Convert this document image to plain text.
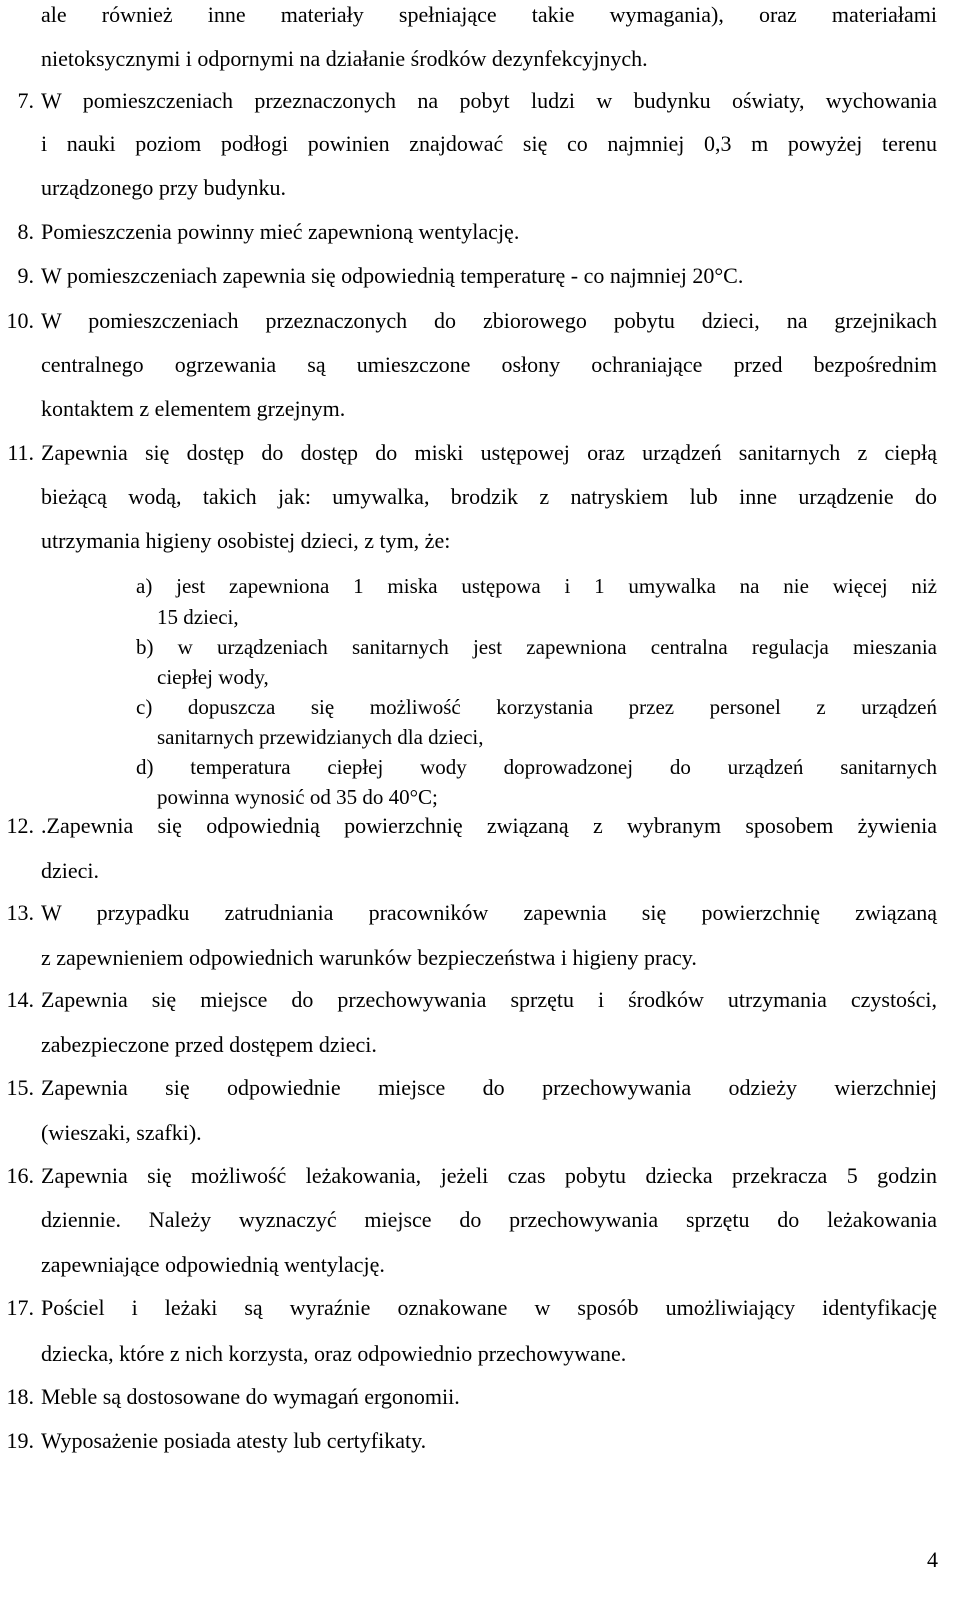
ale również inne materiały spełniające takie wymagania), oraz materiałami
nietoksycznymi i odpornymi na działanie środków dezynfekcyjnych.
7. W pomieszczeniach przeznaczonych na pobyt ludzi w budynku oświaty, wychowania
i nauki poziom podłogi powinien znajdować się co najmniej 0,3 m powyżej terenu
urządzonego przy budynku.
8. Pomieszczenia powinny mieć zapewnioną wentylację.
9. W pomieszczeniach zapewnia się odpowiednią temperaturę - co najmniej 20°C.
10. W pomieszczeniach przeznaczonych do zbiorowego pobytu dzieci, na grzejnikach
centralnego ogrzewania są umieszczone osłony ochraniające przed bezpośrednim
kontaktem z elementem grzejnym.
11. Zapewnia się dostęp do dostęp do miski ustępowej oraz urządzeń sanitarnych z ciepłą
bieżącą wodą, takich jak: umywalka, brodzik z natryskiem lub inne urządzenie do
utrzymania higieny osobistej dzieci, z tym, że:
a) jest zapewniona 1 miska ustępowa i 1 umywalka na nie więcej niż
15 dzieci,
b) w urządzeniach sanitarnych jest zapewniona centralna regulacja mieszania
ciepłej wody,
c) dopuszcza się możliwość korzystania przez personel z urządzeń
sanitarnych przewidzianych dla dzieci,
d) temperatura ciepłej wody doprowadzonej do urządzeń sanitarnych
powinna wynosić od 35 do 40°C;
12. .Zapewnia się odpowiednią powierzchnię związaną z wybranym sposobem żywienia
dzieci.
13. W przypadku zatrudniania pracowników zapewnia się powierzchnię związaną
z zapewnieniem odpowiednich warunków bezpieczeństwa i higieny pracy.
14. Zapewnia się miejsce do przechowywania sprzętu i środków utrzymania czystości,
zabezpieczone przed dostępem dzieci.
15. Zapewnia się odpowiednie miejsce do przechowywania odzieży wierzchniej
(wieszaki, szafki).
16. Zapewnia się możliwość leżakowania, jeżeli czas pobytu dziecka przekracza 5 godzin
dziennie. Należy wyznaczyć miejsce do przechowywania sprzętu do leżakowania
zapewniające odpowiednią wentylację.
17. Pościel i leżaki są wyraźnie oznakowane w sposób umożliwiający identyfikację
dziecka, które z nich korzysta, oraz odpowiednio przechowywane.
18. Meble są dostosowane do wymagań ergonomii.
19. Wyposażenie posiada atesty lub certyfikaty.
4
